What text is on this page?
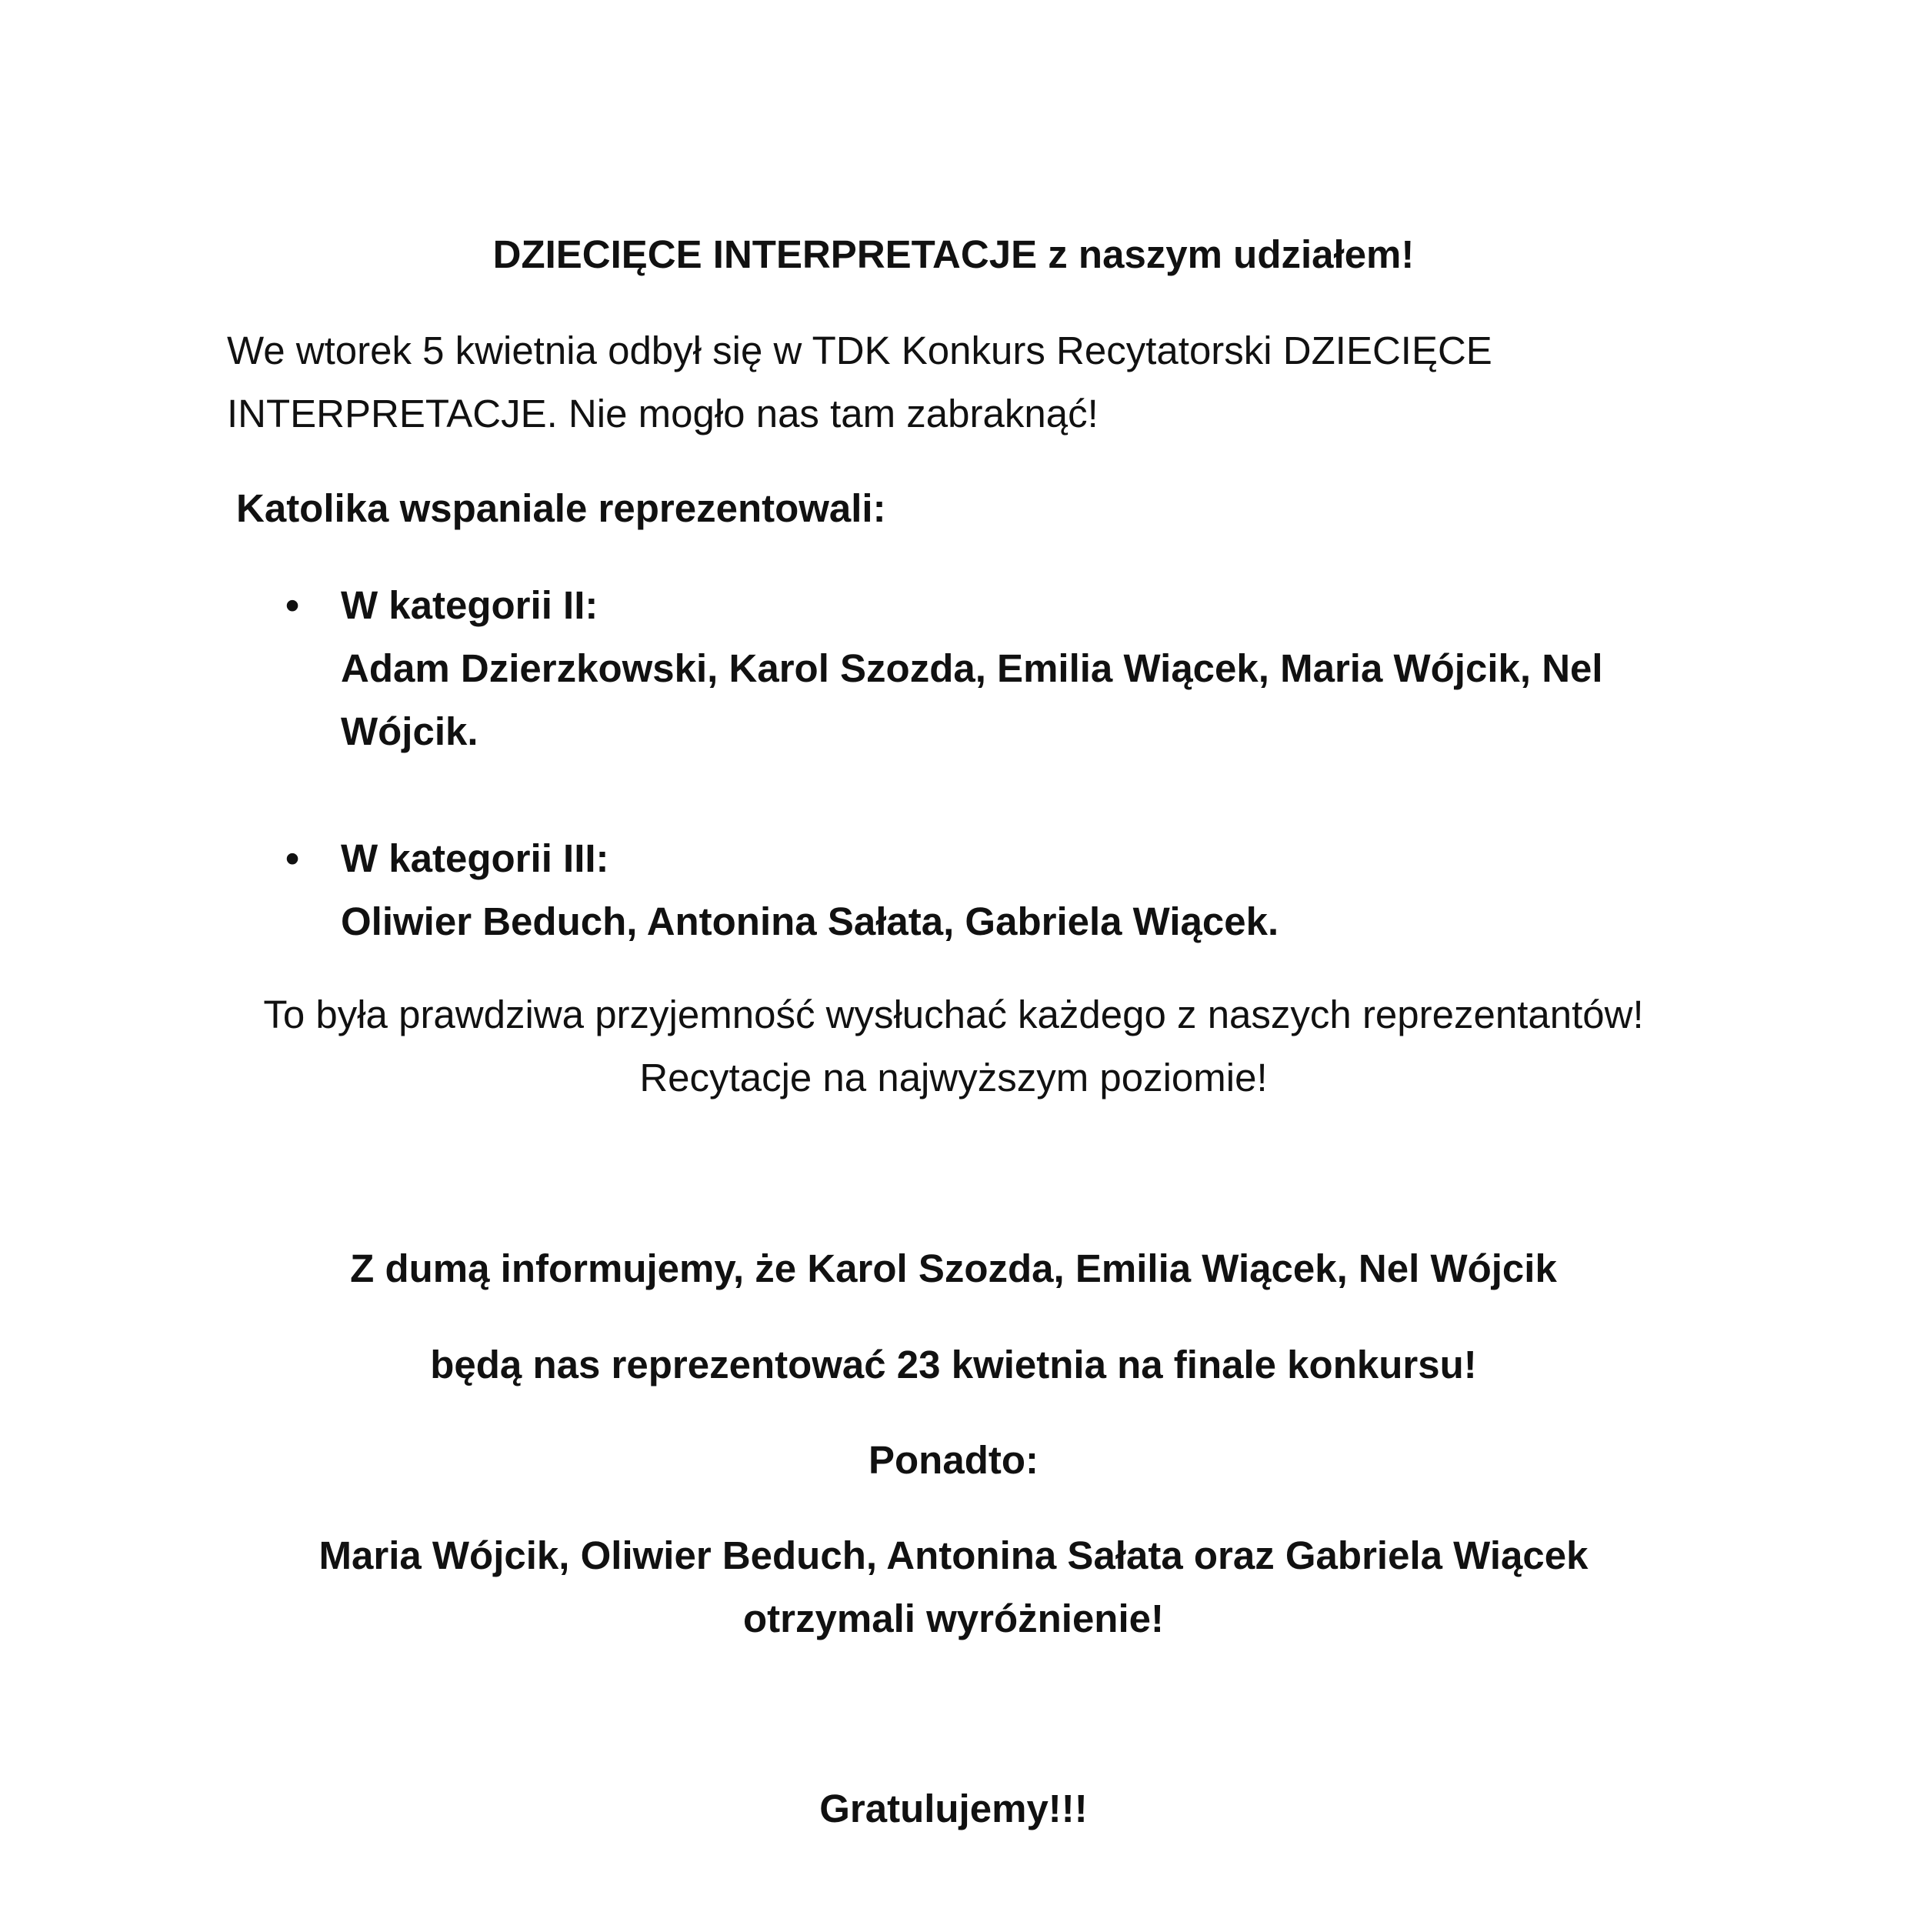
DZIECIĘCE INTERPRETACJE z naszym udziałem!

We wtorek 5 kwietnia odbył się w TDK Konkurs Recytatorski DZIECIĘCE
INTERPRETACJE. Nie mogło nas tam zabraknąć!

Katolika wspaniale reprezentowali:

• W kategorii II:
Adam Dzierzkowski, Karol Szozda, Emilia Wiącek, Maria Wójcik, Nel
Wójcik.
• W kategorii III:
Oliwier Beduch, Antonina Sałata, Gabriela Wiącek.

To była prawdziwa przyjemność wysłuchać każdego z naszych reprezentantów!
Recytacje na najwyższym poziomie!

Z dumą informujemy, że Karol Szozda, Emilia Wiącek, Nel Wójcik

będą nas reprezentować 23 kwietnia na finale konkursu!

Ponadto:

Maria Wójcik, Oliwier Beduch, Antonina Sałata oraz Gabriela Wiącek
otrzymali wyróżnienie!

Gratulujemy!!!
